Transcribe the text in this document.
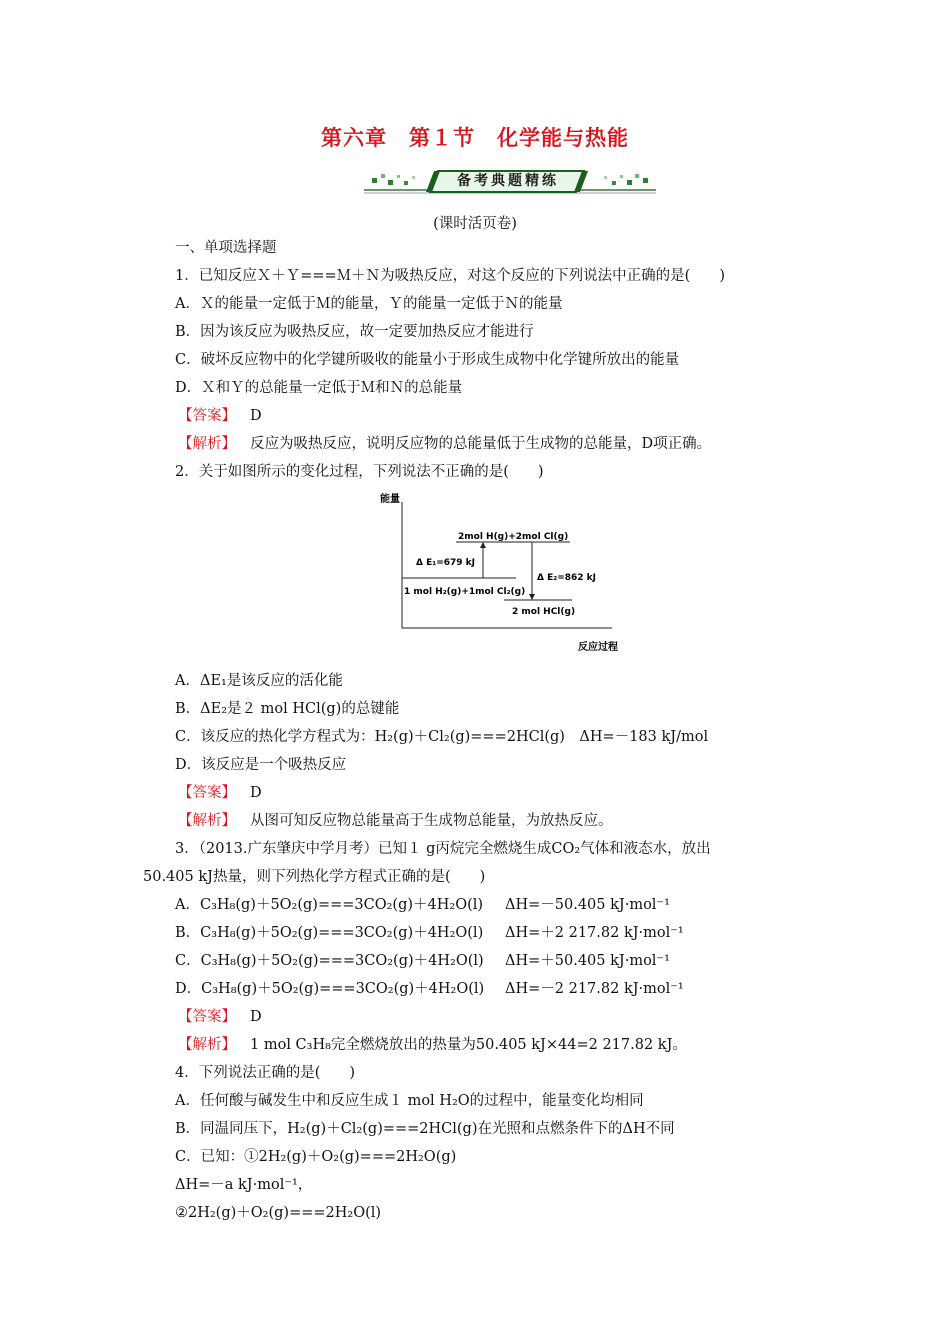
第六章　第１节　化学能与热能
备考典题精练
(课时活页卷)
一、单项选择题
1．已知反应Ｘ＋Ｙ===Ｍ＋Ｎ为吸热反应，对这个反应的下列说法中正确的是(　　)
A．Ｘ的能量一定低于Ｍ的能量，Ｙ的能量一定低于Ｎ的能量
B．因为该反应为吸热反应，故一定要加热反应才能进行
C．破坏反应物中的化学键所吸收的能量小于形成生成物中化学键所放出的能量
D．Ｘ和Ｙ的总能量一定低于Ｍ和Ｎ的总能量
【答案】 D
【解析】 反应为吸热反应，说明反应物的总能量低于生成物的总能量，D项正确。
2．关于如图所示的变化过程，下列说法不正确的是(　　)
能量
反应过程
2mol H(g)+2mol Cl(g)
1 mol H₂(g)+1mol Cl₂(g)
2 mol HCl(g)
Δ E₁=679 kJ
Δ E₂=862 kJ
A．ΔE₁是该反应的活化能
B．ΔE₂是２ mol HCl(g)的总键能
C．该反应的热化学方程式为：H₂(g)＋Cl₂(g)===2HCl(g)　ΔH=－183 kJ/mol
D．该反应是一个吸热反应
【答案】 D
【解析】 从图可知反应物总能量高于生成物总能量，为放热反应。
3．（2013.广东肇庆中学月考）已知１ g丙烷完全燃烧生成CO₂气体和液态水，放出
50.405 kJ热量，则下列热化学方程式正确的是(　　)
A．C₃H₈(g)＋5O₂(g)===3CO₂(g)＋4H₂O(l) ΔH=－50.405 kJ·mol⁻¹
B．C₃H₈(g)＋5O₂(g)===3CO₂(g)＋4H₂O(l) ΔH=＋2 217.82 kJ·mol⁻¹
C．C₃H₈(g)＋5O₂(g)===3CO₂(g)＋4H₂O(l) ΔH=＋50.405 kJ·mol⁻¹
D．C₃H₈(g)＋5O₂(g)===3CO₂(g)＋4H₂O(l) ΔH=－2 217.82 kJ·mol⁻¹
【答案】 D
【解析】 1 mol C₃H₈完全燃烧放出的热量为50.405 kJ×44=2 217.82 kJ。
4．下列说法正确的是(　　)
A．任何酸与碱发生中和反应生成１ mol H₂O的过程中，能量变化均相同
B．同温同压下，H₂(g)＋Cl₂(g)===2HCl(g)在光照和点燃条件下的ΔH不同
C．已知：①2H₂(g)＋O₂(g)===2H₂O(g)
ΔH=－a kJ·mol⁻¹，
②2H₂(g)＋O₂(g)===2H₂O(l)
